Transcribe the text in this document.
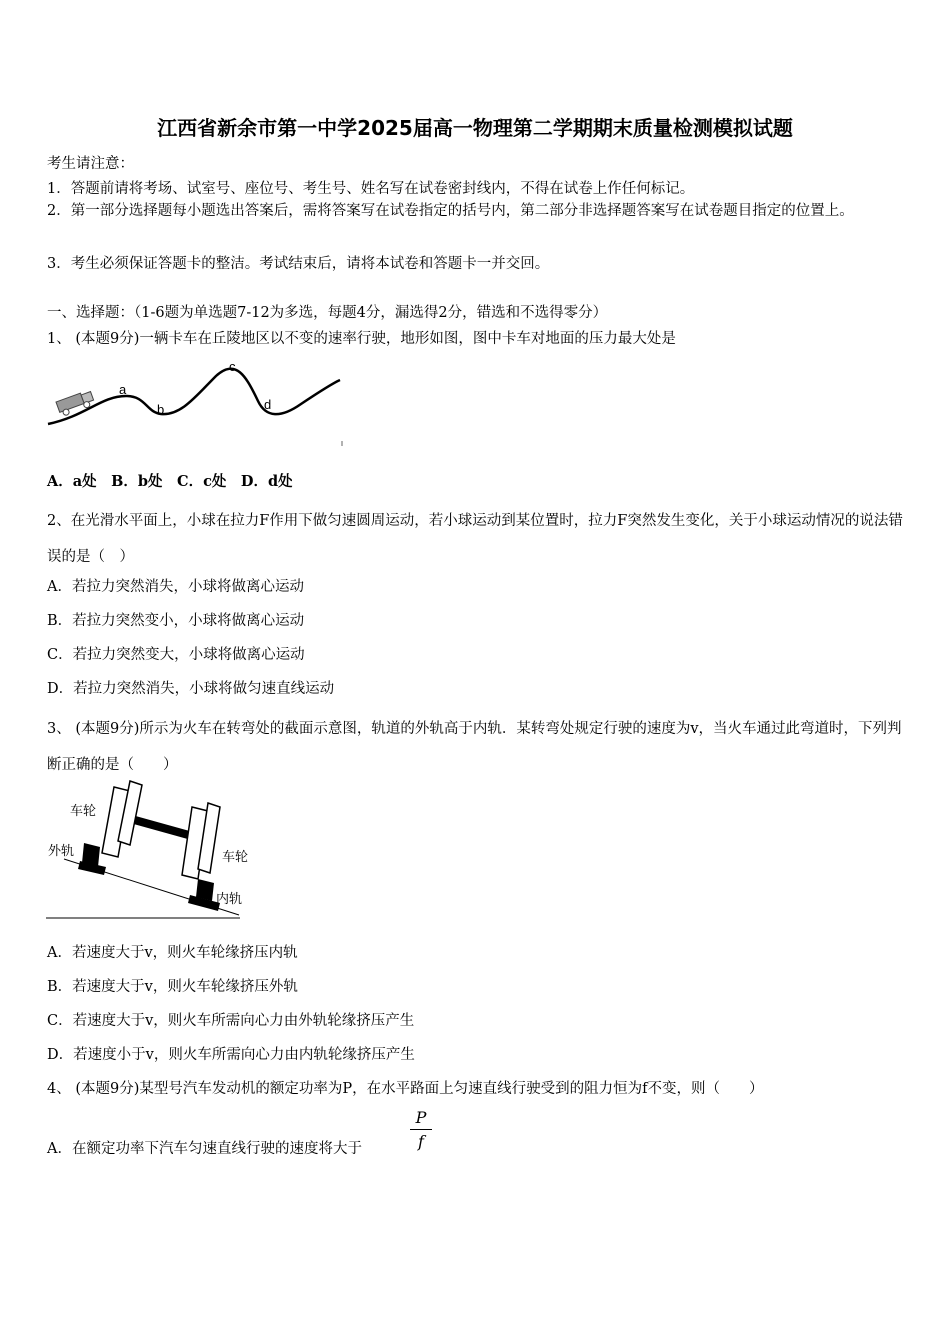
江西省新余市第一中学2025届高一物理第二学期期末质量检测模拟试题
考生请注意：
1．答题前请将考场、试室号、座位号、考生号、姓名写在试卷密封线内，不得在试卷上作任何标记。
2．第一部分选择题每小题选出答案后，需将答案写在试卷指定的括号内，第二部分非选择题答案写在试卷题目指定的位置上。
3．考生必须保证答题卡的整洁。考试结束后，请将本试卷和答题卡一并交回。
一、选择题：（1-6题为单选题7-12为多选，每题4分，漏选得2分，错选和不选得零分）
1、 (本题9分)一辆卡车在丘陵地区以不变的速率行驶，地形如图，图中卡车对地面的压力最大处是
a
b
c
d
A．a处　B．b处　C．c处　D．d处
2、在光滑水平面上，小球在拉力F作用下做匀速圆周运动，若小球运动到某位置时，拉力F突然发生变化，关于小球运动情况的说法错误的是（　）
A．若拉力突然消失，小球将做离心运动
B．若拉力突然变小，小球将做离心运动
C．若拉力突然变大，小球将做离心运动
D．若拉力突然消失，小球将做匀速直线运动
3、 (本题9分)所示为火车在转弯处的截面示意图，轨道的外轨高于内轨．某转弯处规定行驶的速度为v，当火车通过此弯道时，下列判断正确的是（　　）
车轮
外轨	车轮
内轨
A．若速度大于v，则火车轮缘挤压内轨
B．若速度大于v，则火车轮缘挤压外轨
C．若速度大于v，则火车所需向心力由外轨轮缘挤压产生
D．若速度小于v，则火车所需向心力由内轨轮缘挤压产生
4、 (本题9分)某型号汽车发动机的额定功率为P，在水平路面上匀速直线行驶受到的阻力恒为f不变，则（　　）
A．在额定功率下汽车匀速直线行驶的速度将大于
P
f
